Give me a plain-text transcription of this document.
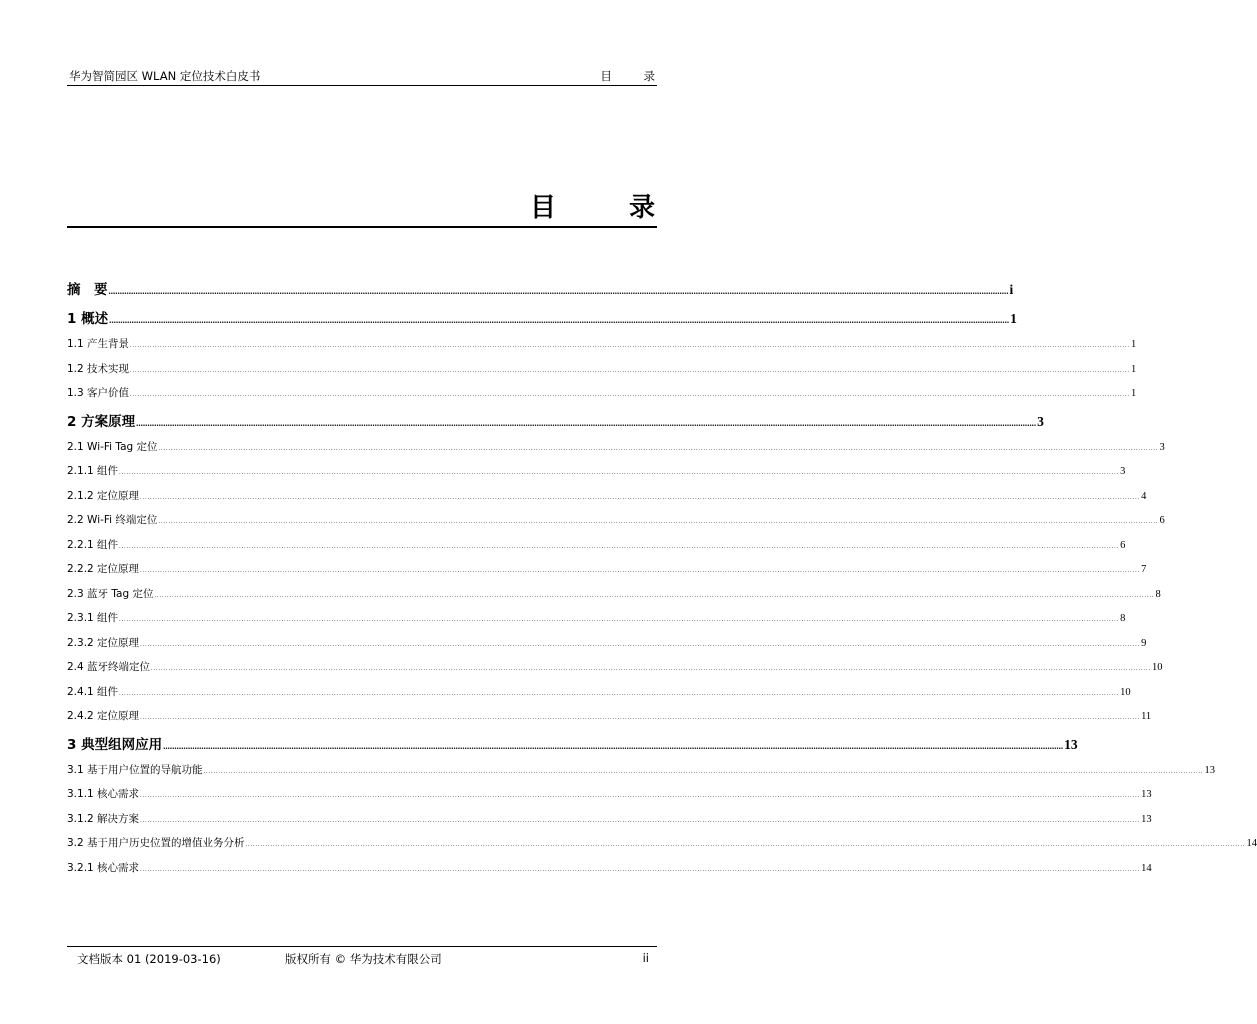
华为智简园区 WLAN 定位技术白皮书	目 录
目 录
摘　要 ................................................................................................................................................................................................................................................................................................................................................................................................................ i
1 概述 ................................................................................................................................................................................................................................................................................................................................................................................................................ 1
1.1 产生背景 ................................................................................................................................................................................................................................................................................................................................................................................................................ 1
1.2 技术实现 ................................................................................................................................................................................................................................................................................................................................................................................................................ 1
1.3 客户价值 ................................................................................................................................................................................................................................................................................................................................................................................................................ 1
2 方案原理 ................................................................................................................................................................................................................................................................................................................................................................................................................ 3
2.1 Wi-Fi Tag 定位 ................................................................................................................................................................................................................................................................................................................................................................................................................ 3
2.1.1 组件 ................................................................................................................................................................................................................................................................................................................................................................................................................ 3
2.1.2 定位原理 ................................................................................................................................................................................................................................................................................................................................................................................................................ 4
2.2 Wi-Fi 终端定位 ................................................................................................................................................................................................................................................................................................................................................................................................................ 6
2.2.1 组件 ................................................................................................................................................................................................................................................................................................................................................................................................................ 6
2.2.2 定位原理 ................................................................................................................................................................................................................................................................................................................................................................................................................ 7
2.3 蓝牙 Tag 定位 ................................................................................................................................................................................................................................................................................................................................................................................................................ 8
2.3.1 组件 ................................................................................................................................................................................................................................................................................................................................................................................................................ 8
2.3.2 定位原理 ................................................................................................................................................................................................................................................................................................................................................................................................................ 9
2.4 蓝牙终端定位 ................................................................................................................................................................................................................................................................................................................................................................................................................ 10
2.4.1 组件 ................................................................................................................................................................................................................................................................................................................................................................................................................ 10
2.4.2 定位原理 ................................................................................................................................................................................................................................................................................................................................................................................................................ 11
3 典型组网应用 ................................................................................................................................................................................................................................................................................................................................................................................................................ 13
3.1 基于用户位置的导航功能 ................................................................................................................................................................................................................................................................................................................................................................................................................ 13
3.1.1 核心需求 ................................................................................................................................................................................................................................................................................................................................................................................................................ 13
3.1.2 解决方案 ................................................................................................................................................................................................................................................................................................................................................................................................................ 13
3.2 基于用户历史位置的增值业务分析 ................................................................................................................................................................................................................................................................................................................................................................................................................ 14
3.2.1 核心需求 ................................................................................................................................................................................................................................................................................................................................................................................................................ 14
文档版本 01 (2019-03-16)	版权所有 © 华为技术有限公司	ii
